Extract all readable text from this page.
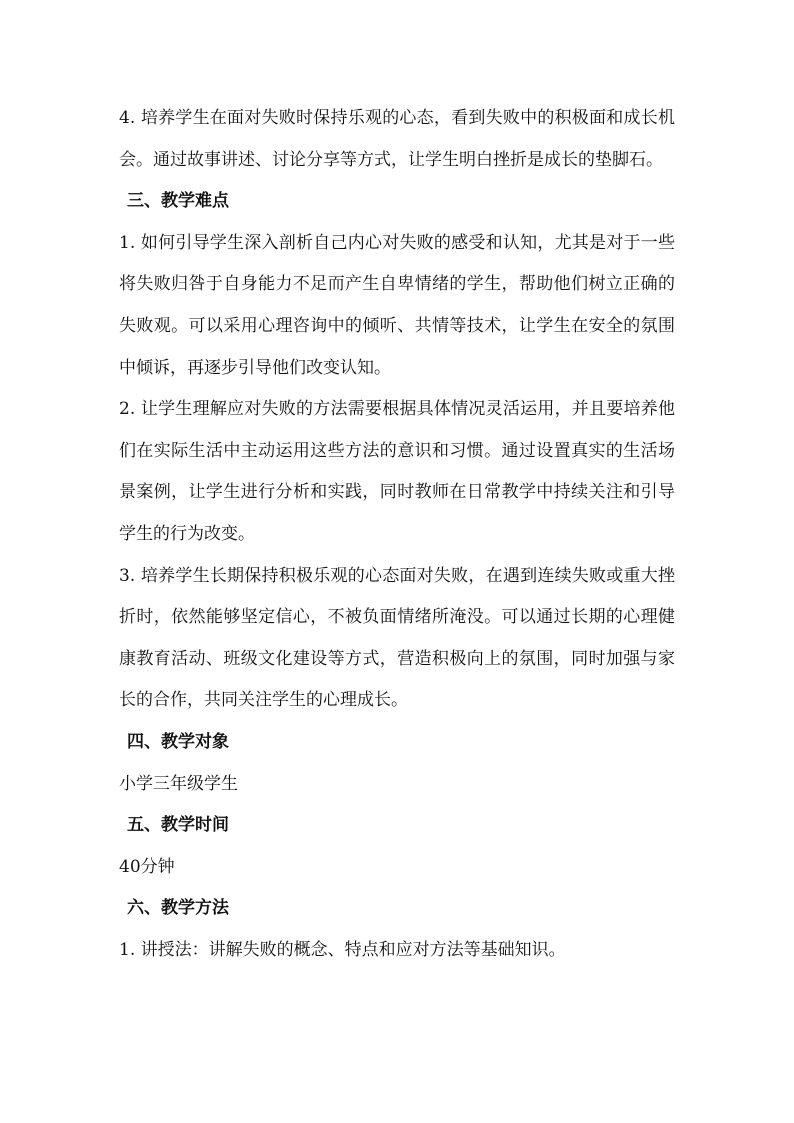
4. 培养学生在面对失败时保持乐观的心态，看到失败中的积极面和成长机会。通过故事讲述、讨论分享等方式，让学生明白挫折是成长的垫脚石。

三、教学难点

1. 如何引导学生深入剖析自己内心对失败的感受和认知，尤其是对于一些将失败归咎于自身能力不足而产生自卑情绪的学生，帮助他们树立正确的失败观。可以采用心理咨询中的倾听、共情等技术，让学生在安全的氛围中倾诉，再逐步引导他们改变认知。

2. 让学生理解应对失败的方法需要根据具体情况灵活运用，并且要培养他们在实际生活中主动运用这些方法的意识和习惯。通过设置真实的生活场景案例，让学生进行分析和实践，同时教师在日常教学中持续关注和引导学生的行为改变。

3. 培养学生长期保持积极乐观的心态面对失败，在遇到连续失败或重大挫折时，依然能够坚定信心，不被负面情绪所淹没。可以通过长期的心理健康教育活动、班级文化建设等方式，营造积极向上的氛围，同时加强与家长的合作，共同关注学生的心理成长。

四、教学对象

小学三年级学生

五、教学时间

40分钟

六、教学方法

1. 讲授法：讲解失败的概念、特点和应对方法等基础知识。
